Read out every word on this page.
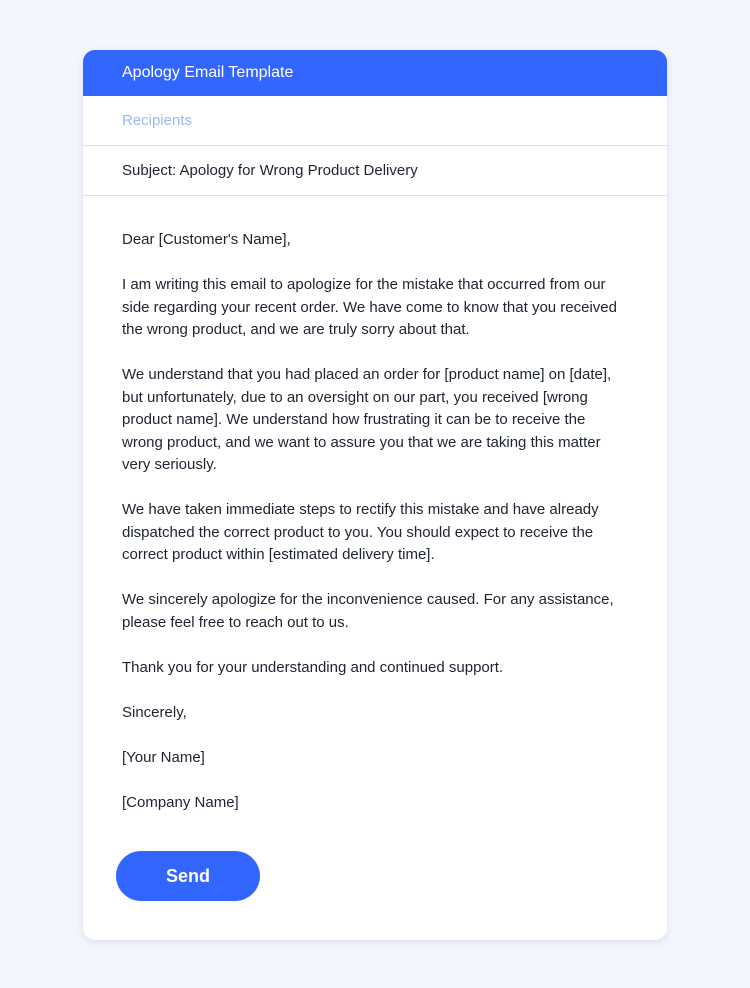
Apology Email Template
Recipients
Subject: Apology for Wrong Product Delivery

Dear [Customer's Name],

I am writing this email to apologize for the mistake that occurred from our side regarding your recent order. We have come to know that you received the wrong product, and we are truly sorry about that.

We understand that you had placed an order for [product name] on [date], but unfortunately, due to an oversight on our part, you received [wrong product name]. We understand how frustrating it can be to receive the wrong product, and we want to assure you that we are taking this matter very seriously.

We have taken immediate steps to rectify this mistake and have already dispatched the correct product to you. You should expect to receive the correct product within [estimated delivery time].

We sincerely apologize for the inconvenience caused. For any assistance, please feel free to reach out to us.

Thank you for your understanding and continued support.

Sincerely,

[Your Name]

[Company Name]

Send
